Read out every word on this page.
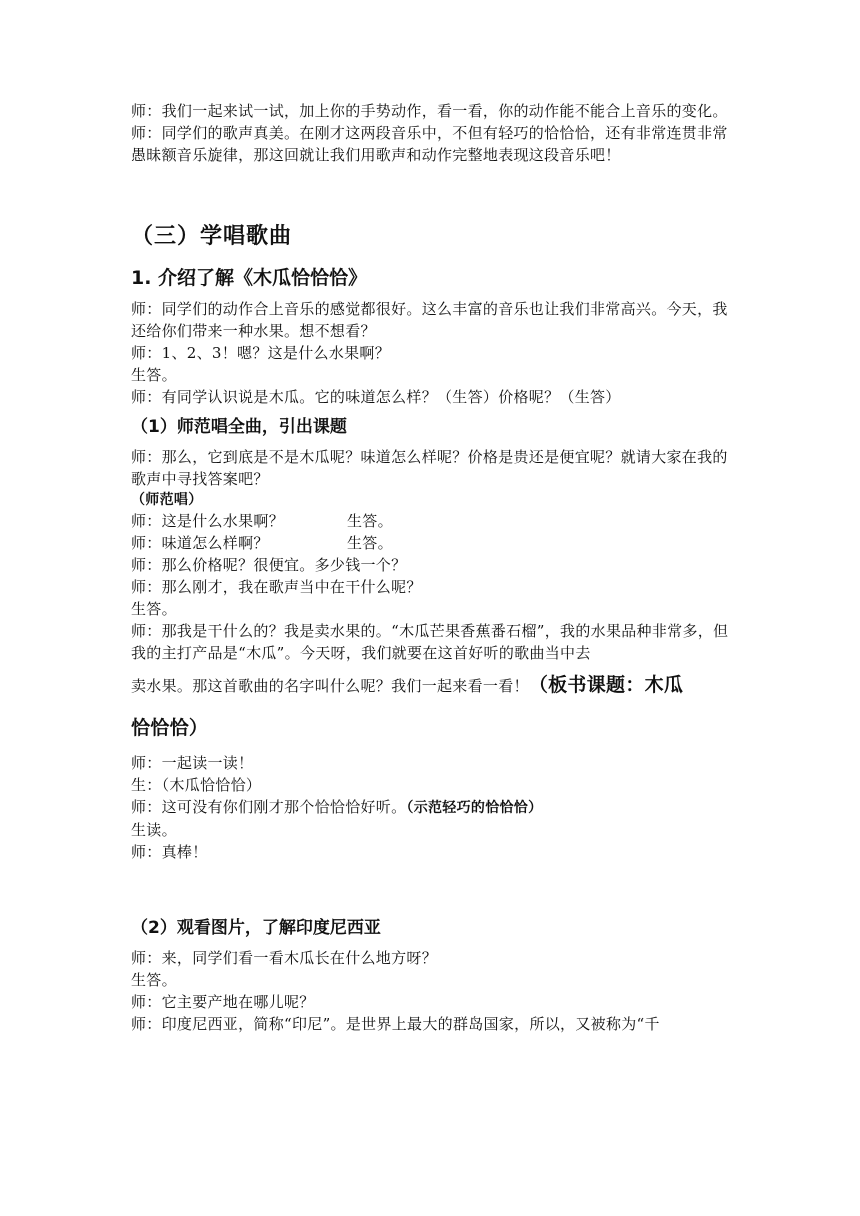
师：我们一起来试一试，加上你的手势动作，看一看，你的动作能不能合上音乐的变化。

师：同学们的歌声真美。在刚才这两段音乐中，不但有轻巧的恰恰恰，还有非常连贯非常愚昧额音乐旋律，那这回就让我们用歌声和动作完整地表现这段音乐吧！

（三）学唱歌曲
1. 介绍了解《木瓜恰恰恰》

师：同学们的动作合上音乐的感觉都很好。这么丰富的音乐也让我们非常高兴。今天，我还给你们带来一种水果。想不想看？

师：1、2、3！嗯？这是什么水果啊？

生答。

师：有同学认识说是木瓜。它的味道怎么样？（生答）价格呢？（生答）

（1）师范唱全曲，引出课题

师：那么，它到底是不是木瓜呢？味道怎么样呢？价格是贵还是便宜呢？就请大家在我的歌声中寻找答案吧？

（师范唱）

师：这是什么水果啊？	生答。

师：味道怎么样啊？	生答。

师：那么价格呢？很便宜。多少钱一个？

师：那么刚才，我在歌声当中在干什么呢？

生答。

师：那我是干什么的？我是卖水果的。“木瓜芒果香蕉番石榴”，我的水果品种非常多，但我的主打产品是“木瓜”。今天呀，我们就要在这首好听的歌曲当中去

卖水果。那这首歌曲的名字叫什么呢？我们一起来看一看！（板书课题：木瓜

恰恰恰）

师：一起读一读！

生：（木瓜恰恰恰）

师：这可没有你们刚才那个恰恰恰好听。（示范轻巧的恰恰恰）

生读。

师：真棒！

（2）观看图片，了解印度尼西亚

师：来，同学们看一看木瓜长在什么地方呀？

生答。

师：它主要产地在哪儿呢？

师：印度尼西亚，简称“印尼”。是世界上最大的群岛国家，所以，又被称为“千
